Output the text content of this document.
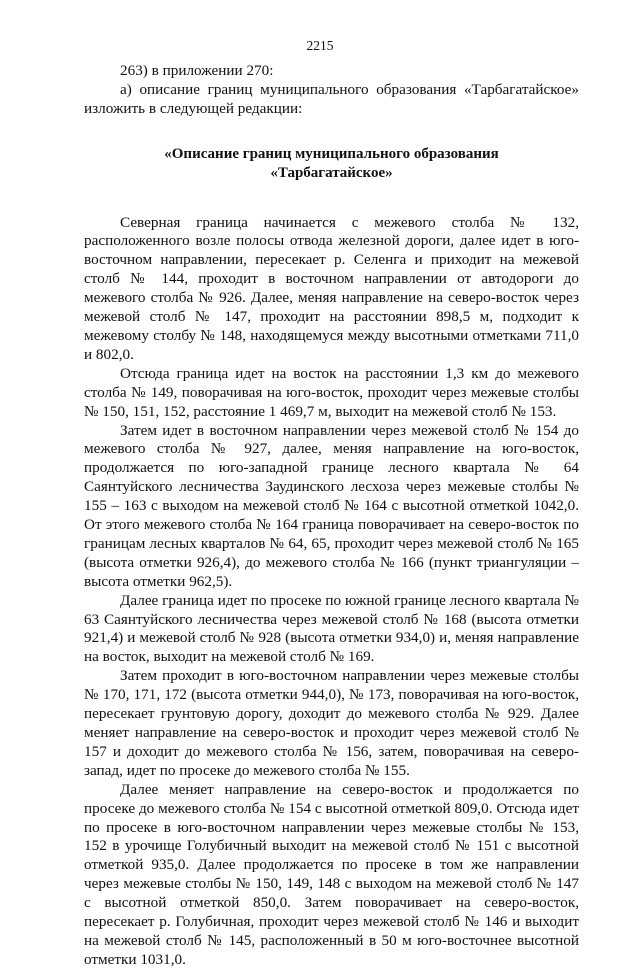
2215

263) в приложении 270:

а) описание границ муниципального образования «Тарбагатайское» изложить в следующей редакции:

«Описание границ муниципального образования
«Тарбагатайское»

Северная граница начинается с межевого столба № 132, расположенного возле полосы отвода железной дороги, далее идет в юго-восточном направлении, пересекает р. Селенга и приходит на межевой столб № 144, проходит в восточном направлении от автодороги до межевого столба № 926. Далее, меняя направление на северо-восток через межевой столб № 147, проходит на расстоянии 898,5 м, подходит к межевому столбу № 148, находящемуся между высотными отметками 711,0 и 802,0.

Отсюда граница идет на восток на расстоянии 1,3 км до межевого столба № 149, поворачивая на юго-восток, проходит через межевые столбы № 150, 151, 152, расстояние 1 469,7 м, выходит на межевой столб № 153.

Затем идет в восточном направлении через межевой столб № 154 до межевого столба № 927, далее, меняя направление на юго-восток, продолжается по юго-западной границе лесного квартала № 64 Саянтуйского лесничества Заудинского лесхоза через межевые столбы № 155 – 163 с выходом на межевой столб № 164 с высотной отметкой 1042,0. От этого межевого столба № 164 граница поворачивает на северо-восток по границам лесных кварталов № 64, 65, проходит через межевой столб № 165 (высота отметки 926,4), до межевого столба № 166 (пункт триангуляции – высота отметки 962,5).

Далее граница идет по просеке по южной границе лесного квартала № 63 Саянтуйского лесничества через межевой столб № 168 (высота отметки 921,4) и межевой столб № 928 (высота отметки 934,0) и, меняя направление на восток, выходит на межевой столб № 169.

Затем проходит в юго-восточном направлении через межевые столбы № 170, 171, 172 (высота отметки 944,0), № 173, поворачивая на юго-восток, пересекает грунтовую дорогу, доходит до межевого столба № 929. Далее меняет направление на северо-восток и проходит через межевой столб № 157 и доходит до межевого столба № 156, затем, поворачивая на северо-запад, идет по просеке до межевого столба № 155.

Далее меняет направление на северо-восток и продолжается по просеке до межевого столба № 154 с высотной отметкой 809,0. Отсюда идет по просеке в юго-восточном направлении через межевые столбы № 153, 152 в урочище Голубичный выходит на межевой столб № 151 с высотной отметкой 935,0. Далее продолжается по просеке в том же направлении через межевые столбы № 150, 149, 148 с выходом на межевой столб № 147 с высотной отметкой 850,0. Затем поворачивает на северо-восток, пересекает р. Голубичная, проходит через межевой столб № 146 и выходит на межевой столб № 145, расположенный в 50 м юго-восточнее высотной отметки 1031,0.
